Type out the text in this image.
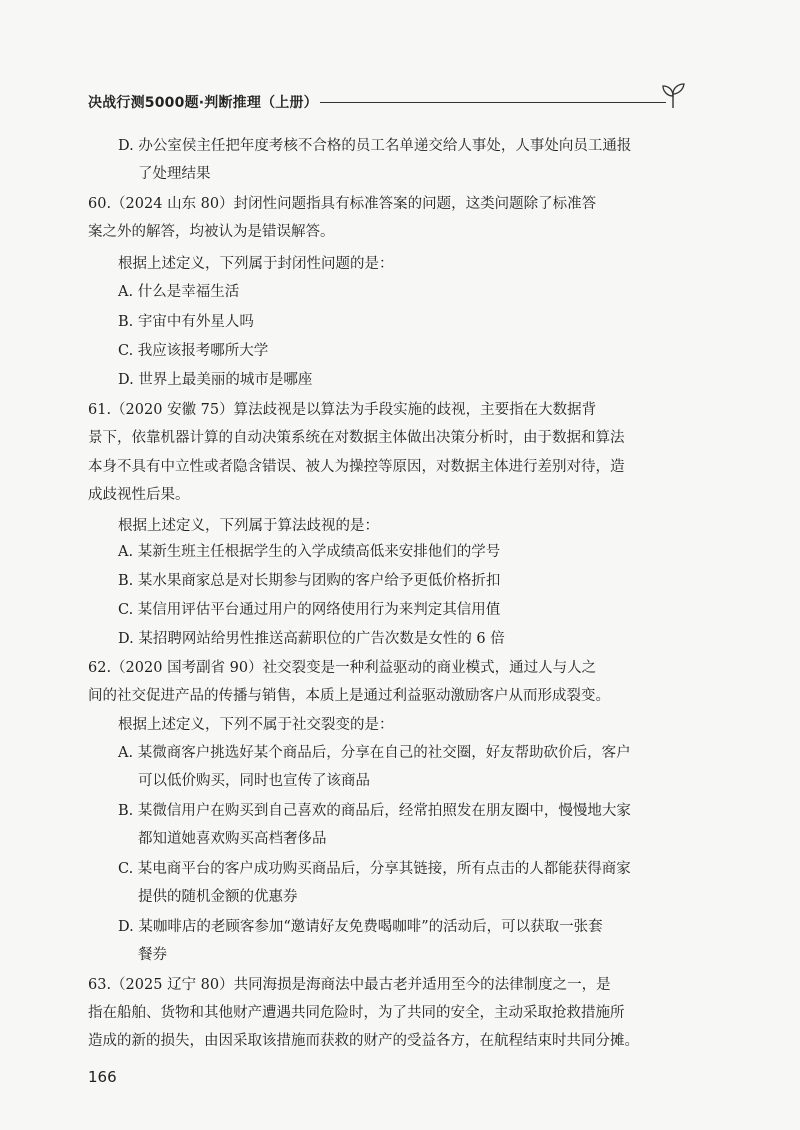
决战行测5000题·判断推理（上册）
D. 办公室侯主任把年度考核不合格的员工名单递交给人事处，人事处向员工通报
了处理结果
60.（2024 山东 80）封闭性问题指具有标准答案的问题，这类问题除了标准答
案之外的解答，均被认为是错误解答。
根据上述定义，下列属于封闭性问题的是：
A. 什么是幸福生活
B. 宇宙中有外星人吗
C. 我应该报考哪所大学
D. 世界上最美丽的城市是哪座
61.（2020 安徽 75）算法歧视是以算法为手段实施的歧视，主要指在大数据背
景下，依靠机器计算的自动决策系统在对数据主体做出决策分析时，由于数据和算法
本身不具有中立性或者隐含错误、被人为操控等原因，对数据主体进行差别对待，造
成歧视性后果。
根据上述定义，下列属于算法歧视的是：
A. 某新生班主任根据学生的入学成绩高低来安排他们的学号
B. 某水果商家总是对长期参与团购的客户给予更低价格折扣
C. 某信用评估平台通过用户的网络使用行为来判定其信用值
D. 某招聘网站给男性推送高薪职位的广告次数是女性的 6 倍
62.（2020 国考副省 90）社交裂变是一种利益驱动的商业模式，通过人与人之
间的社交促进产品的传播与销售，本质上是通过利益驱动激励客户从而形成裂变。
根据上述定义，下列不属于社交裂变的是：
A. 某微商客户挑选好某个商品后，分享在自己的社交圈，好友帮助砍价后，客户
可以低价购买，同时也宣传了该商品
B. 某微信用户在购买到自己喜欢的商品后，经常拍照发在朋友圈中，慢慢地大家
都知道她喜欢购买高档奢侈品
C. 某电商平台的客户成功购买商品后，分享其链接，所有点击的人都能获得商家
提供的随机金额的优惠券
D. 某咖啡店的老顾客参加“邀请好友免费喝咖啡”的活动后，可以获取一张套
餐券
63.（2025 辽宁 80）共同海损是海商法中最古老并适用至今的法律制度之一，是
指在船舶、货物和其他财产遭遇共同危险时，为了共同的安全，主动采取抢救措施所
造成的新的损失，由因采取该措施而获救的财产的受益各方，在航程结束时共同分摊。
166
